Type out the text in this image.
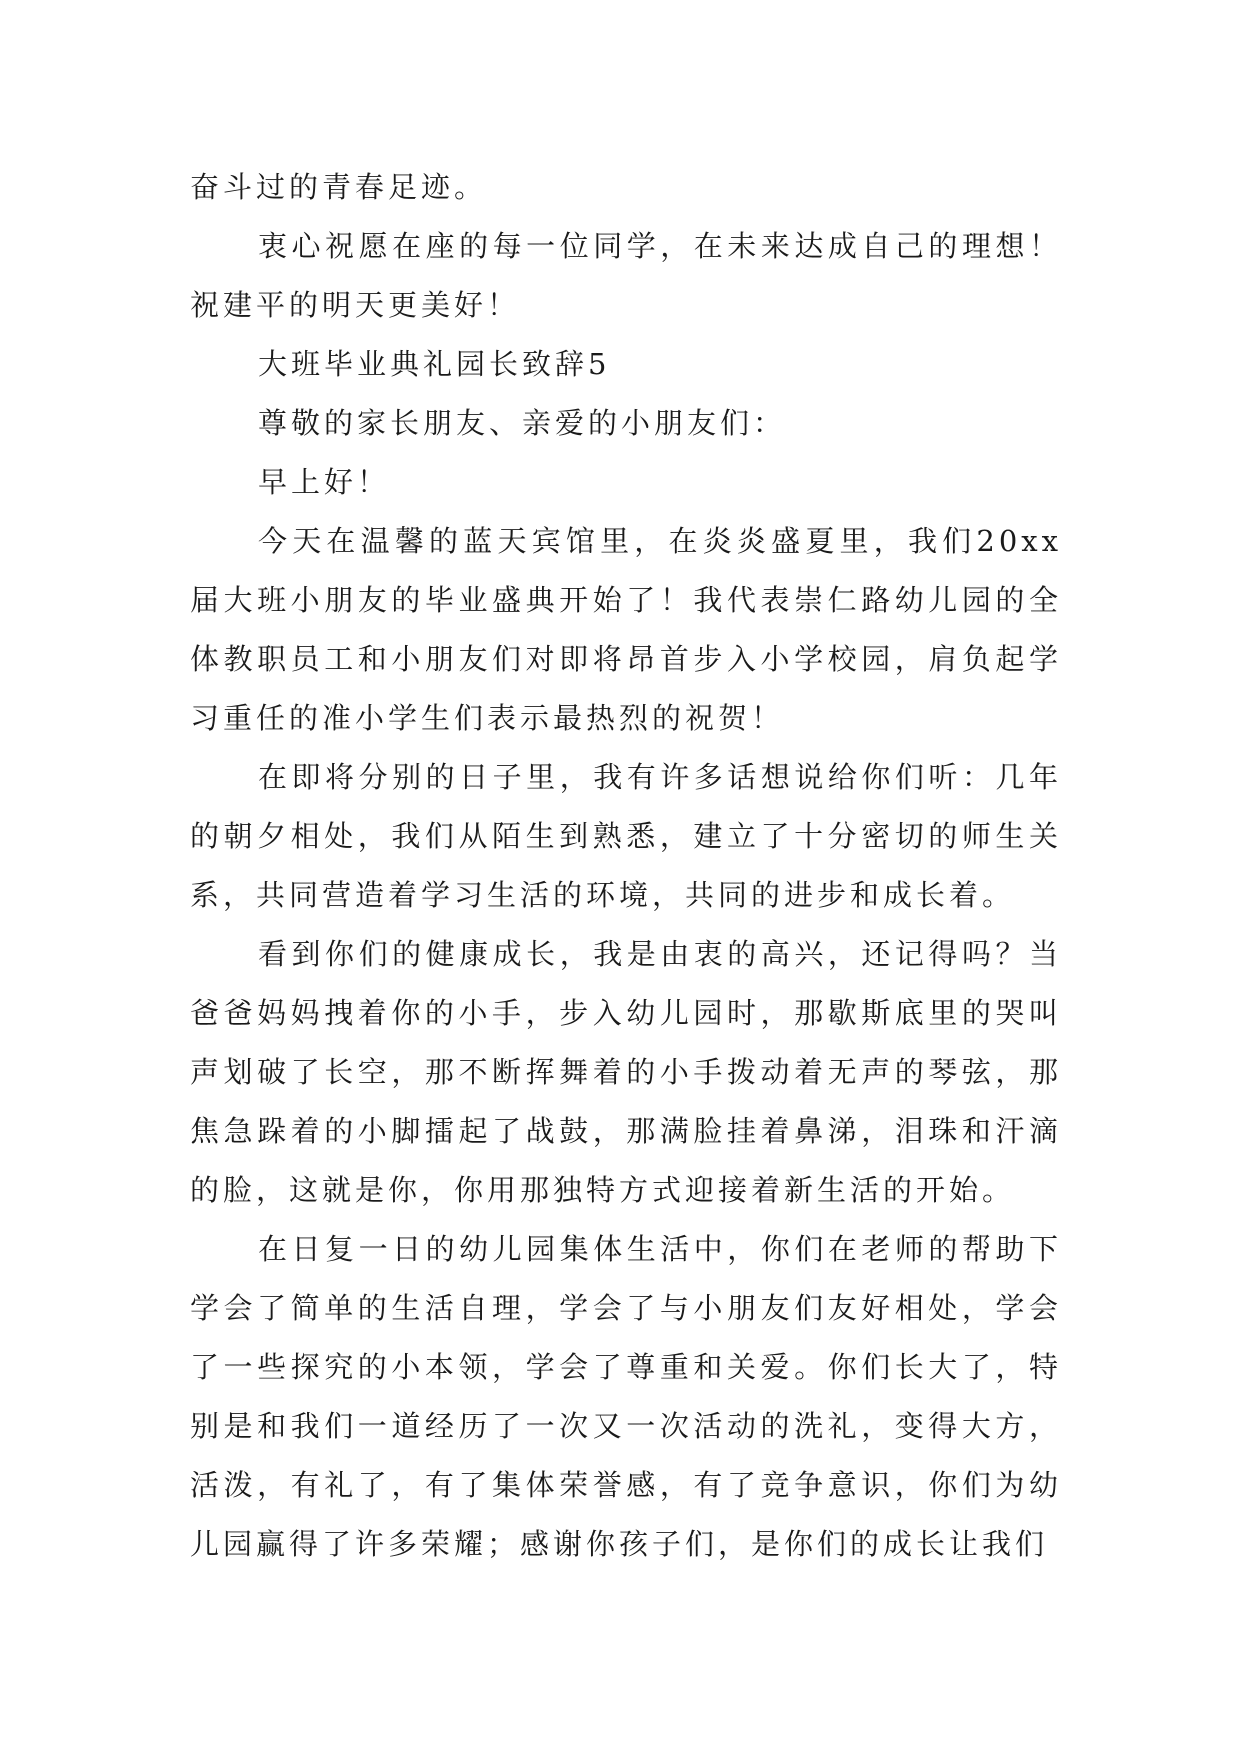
奋斗过的青春足迹。

衷心祝愿在座的每一位同学，在未来达成自己的理想！祝建平的明天更美好！

大班毕业典礼园长致辞5

尊敬的家长朋友、亲爱的小朋友们：

早上好！

今天在温馨的蓝天宾馆里，在炎炎盛夏里，我们20xx届大班小朋友的毕业盛典开始了！我代表崇仁路幼儿园的全体教职员工和小朋友们对即将昂首步入小学校园，肩负起学习重任的准小学生们表示最热烈的祝贺！

在即将分别的日子里，我有许多话想说给你们听：几年的朝夕相处，我们从陌生到熟悉，建立了十分密切的师生关系，共同营造着学习生活的环境，共同的进步和成长着。

看到你们的健康成长，我是由衷的高兴，还记得吗？当爸爸妈妈拽着你的小手，步入幼儿园时，那歇斯底里的哭叫声划破了长空，那不断挥舞着的小手拨动着无声的琴弦，那焦急跺着的小脚擂起了战鼓，那满脸挂着鼻涕，泪珠和汗滴的脸，这就是你，你用那独特方式迎接着新生活的开始。

在日复一日的幼儿园集体生活中，你们在老师的帮助下学会了简单的生活自理，学会了与小朋友们友好相处，学会了一些探究的小本领，学会了尊重和关爱。你们长大了，特别是和我们一道经历了一次又一次活动的洗礼，变得大方，活泼，有礼了，有了集体荣誉感，有了竞争意识，你们为幼儿园赢得了许多荣耀；感谢你孩子们，是你们的成长让我们
